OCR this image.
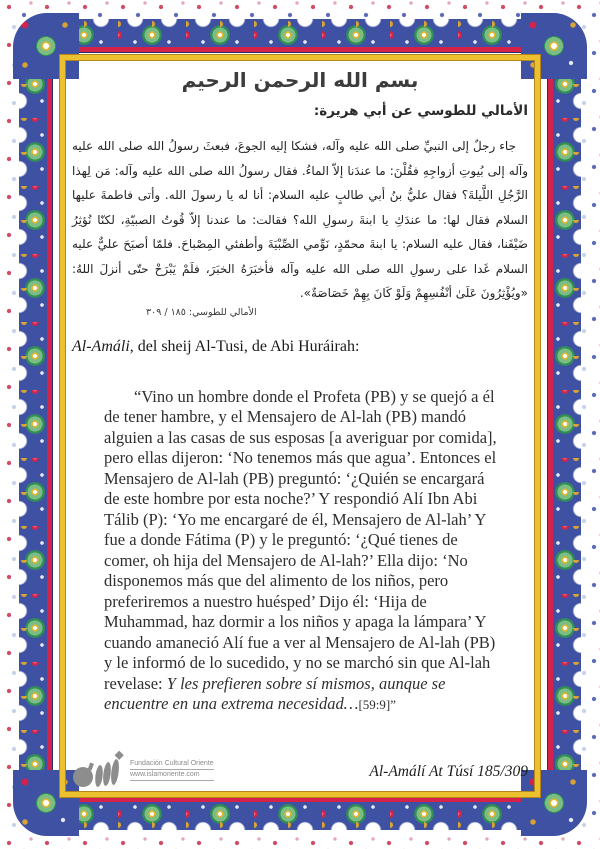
بسم الله الرحمن الرحيم
الأمالي للطوسي عن أبي هريرة:
جاء رجلٌ إلى النبيِّ صلى الله عليه وآله، فشكا إليه الجوعَ، فبعثَ رسولُ الله صلى الله عليه وآله إلى بُيوتِ أزواجِهِ فقُلْنَ: ما عندَنا إلاّ الماءُ. فقال رسولُ الله صلى الله عليه وآله: مَن لِهذا الرَّجُلِ اللَّيلةَ؟ فقال عليُّ بنُ أبي طالبٍ عليه السلام: أنا له يا رسولَ الله. وأتى فاطمةَ عليها السلام فقال لها: ما عندَكِ يا ابنةَ رسولِ الله؟ فقالت: ما عندنا إلاّ قُوتُ الصبيّةِ، لكنّا نُؤثِرُ ضَيْفَنا، فقال عليه السلام: يا ابنةَ محمّدٍ، نَوِّمي الصِّبْيَةَ وأطفئي المِصْباحَ. فلمّا أصبَحَ عليٌّ عليه السلام غَدا على رسولِ الله صلى الله عليه وآله فأخبَرَهُ الخبَرَ، فلَمْ يَبْرَحْ حتّى أنزلَ اللهُ: «ويُؤْثِرُونَ عَلَىٰ أنْفُسِهِمْ وَلَوْ كَانَ بِهِمْ خَصَاصَةٌ».
الأمالي للطوسي: ١٨٥ / ٣٠٩
Al-Amáli, del sheij Al-Tusi, de Abi Huráirah:

“Vino un hombre donde el Profeta (PB) y se quejó a él de tener hambre, y el Mensajero de Al-lah (PB) mandó alguien a las casas de sus esposas [a averiguar por comida], pero ellas dijeron: ‘No tenemos más que agua’. Entonces el Mensajero de Al-lah (PB) preguntó: ‘¿Quién se encargará de este hombre por esta noche?’ Y respondió Alí Ibn Abi Tálib (P): ‘Yo me encargaré de él, Mensajero de Al-lah’ Y fue a donde Fátima (P) y le preguntó: ‘¿Qué tienes de comer, oh hija del Mensajero de Al-lah?’ Ella dijo: ‘No disponemos más que del alimento de los niños, pero preferiremos a nuestro huésped’ Dijo él: ‘Hija de Muhammad, haz dormir a los niños y apaga la lámpara’ Y cuando amaneció Alí fue a ver al Mensajero de Al-lah (PB) y le informó de lo sucedido, y no se marchó sin que Al-lah revelase: Y les prefieren sobre sí mismos, aunque se encuentre en una extrema necesidad…[59:9]”

Fundación Cultural Oriente
www.islamoriente.com	Al-Amálí At Túsí 185/309
